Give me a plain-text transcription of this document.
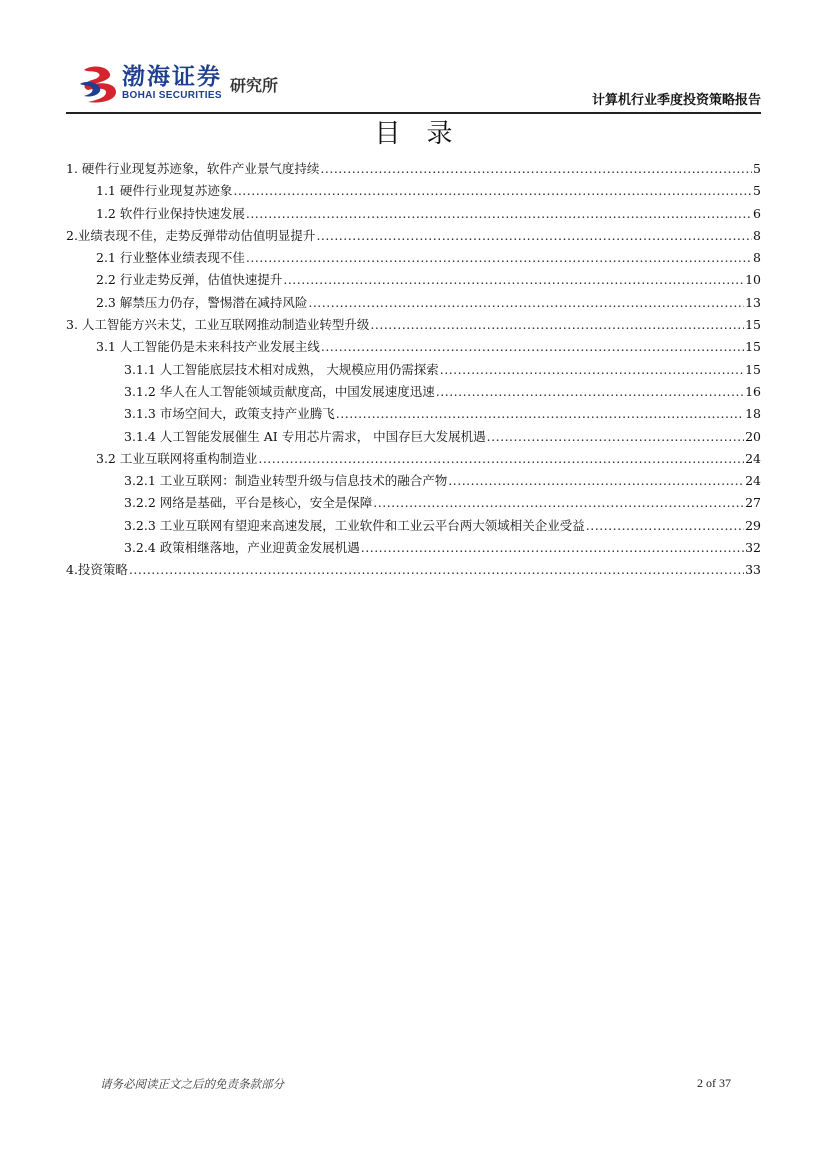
渤海证券
BOHAI SECURITIES
研究所
计算机行业季度投资策略报告
目录
1. 硬件行业现复苏迹象，软件产业景气度持续 .....	5
1.1 硬件行业现复苏迹象 .....	5
1.2 软件行业保持快速发展 .....	6
2.业绩表现不佳，走势反弹带动估值明显提升 .....	8
2.1 行业整体业绩表现不佳 .....	8
2.2 行业走势反弹，估值快速提升 .....	10
2.3 解禁压力仍存，警惕潜在减持风险 .....	13
3. 人工智能方兴未艾，工业互联网推动制造业转型升级 .....	15
3.1 人工智能仍是未来科技产业发展主线 .....	15
3.1.1 人工智能底层技术相对成熟， 大规模应用仍需探索 .....	15
3.1.2 华人在人工智能领域贡献度高，中国发展速度迅速 .....	16
3.1.3 市场空间大，政策支持产业腾飞 .....	18
3.1.4 人工智能发展催生 AI 专用芯片需求， 中国存巨大发展机遇 .....	20
3.2 工业互联网将重构制造业 .....	24
3.2.1 工业互联网：制造业转型升级与信息技术的融合产物 .....	24
3.2.2 网络是基础，平台是核心，安全是保障 .....	27
3.2.3 工业互联网有望迎来高速发展，工业软件和工业云平台两大领域相关企业受益 .....	29
3.2.4 政策相继落地，产业迎黄金发展机遇 .....	32
4.投资策略 .....	33
请务必阅读正文之后的免责条款部分	2 of 37
